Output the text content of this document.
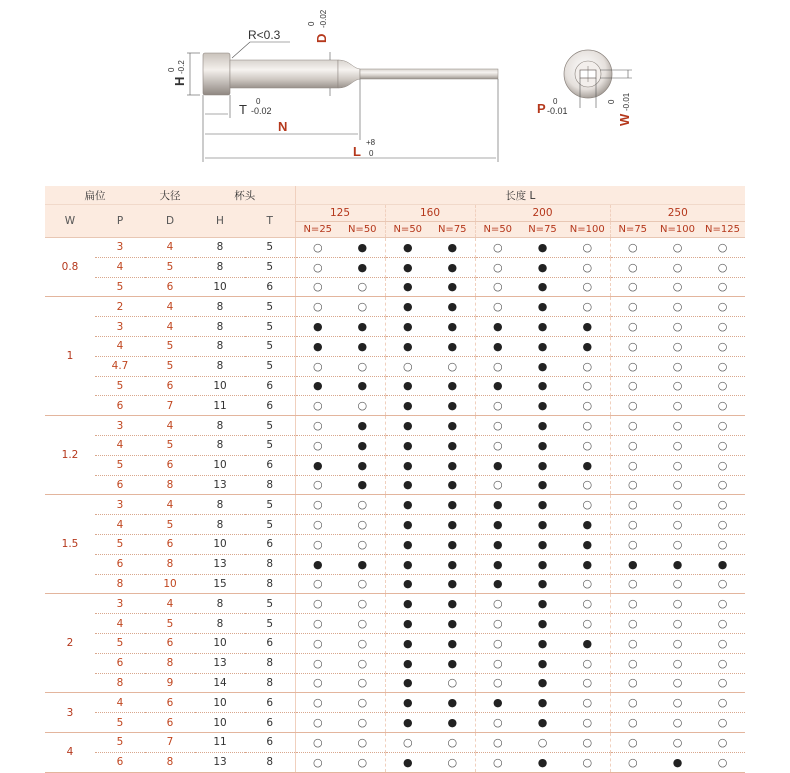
R<0.3	D
0 -0.02
H
0 -0.2
T
0
-0.02
N
L
+8
0
P 0
-0.01
W
0 -0.01
扁位		大径	杯头		长度 L									
W	P	D	H	T	125		160		200			250		
					N=25	N=50	N=50	N=75	N=50	N=75	N=100	N=75	N=100	N=125
0.8	3	4	8	5	○	●	●	●	○	●	○	○	○	○
	4	5	8	5	○	●	●	●	○	●	○	○	○	○
	5	6	10	6	○	○	●	●	○	●	○	○	○	○
1	2	4	8	5	○	○	●	●	○	●	○	○	○	○
	3	4	8	5	●	●	●	●	●	●	●	○	○	○
	4	5	8	5	●	●	●	●	●	●	●	○	○	○
	4.7	5	8	5	○	○	○	○	○	●	○	○	○	○
	5	6	10	6	●	●	●	●	●	●	○	○	○	○
	6	7	11	6	○	○	●	●	○	●	○	○	○	○
1.2	3	4	8	5	○	●	●	●	○	●	○	○	○	○
	4	5	8	5	○	●	●	●	○	●	○	○	○	○
	5	6	10	6	●	●	●	●	●	●	●	○	○	○
	6	8	13	8	○	●	●	●	○	●	○	○	○	○
1.5	3	4	8	5	○	○	●	●	●	●	○	○	○	○
	4	5	8	5	○	○	●	●	●	●	●	○	○	○
	5	6	10	6	○	○	●	●	●	●	●	○	○	○
	6	8	13	8	●	●	●	●	●	●	●	●	●	●
	8	10	15	8	○	○	●	●	●	●	○	○	○	○
2	3	4	8	5	○	○	●	●	○	●	○	○	○	○
	4	5	8	5	○	○	●	●	○	●	○	○	○	○
	5	6	10	6	○	○	●	●	○	●	●	○	○	○
	6	8	13	8	○	○	●	●	○	●	○	○	○	○
	8	9	14	8	○	○	●	○	○	●	○	○	○	○
3	4	6	10	6	○	○	●	●	●	●	○	○	○	○
	5	6	10	6	○	○	●	●	○	●	○	○	○	○
4	5	7	11	6	○	○	○	○	○	○	○	○	○	○
	6	8	13	8	○	○	●	○	○	●	○	○	●	○
